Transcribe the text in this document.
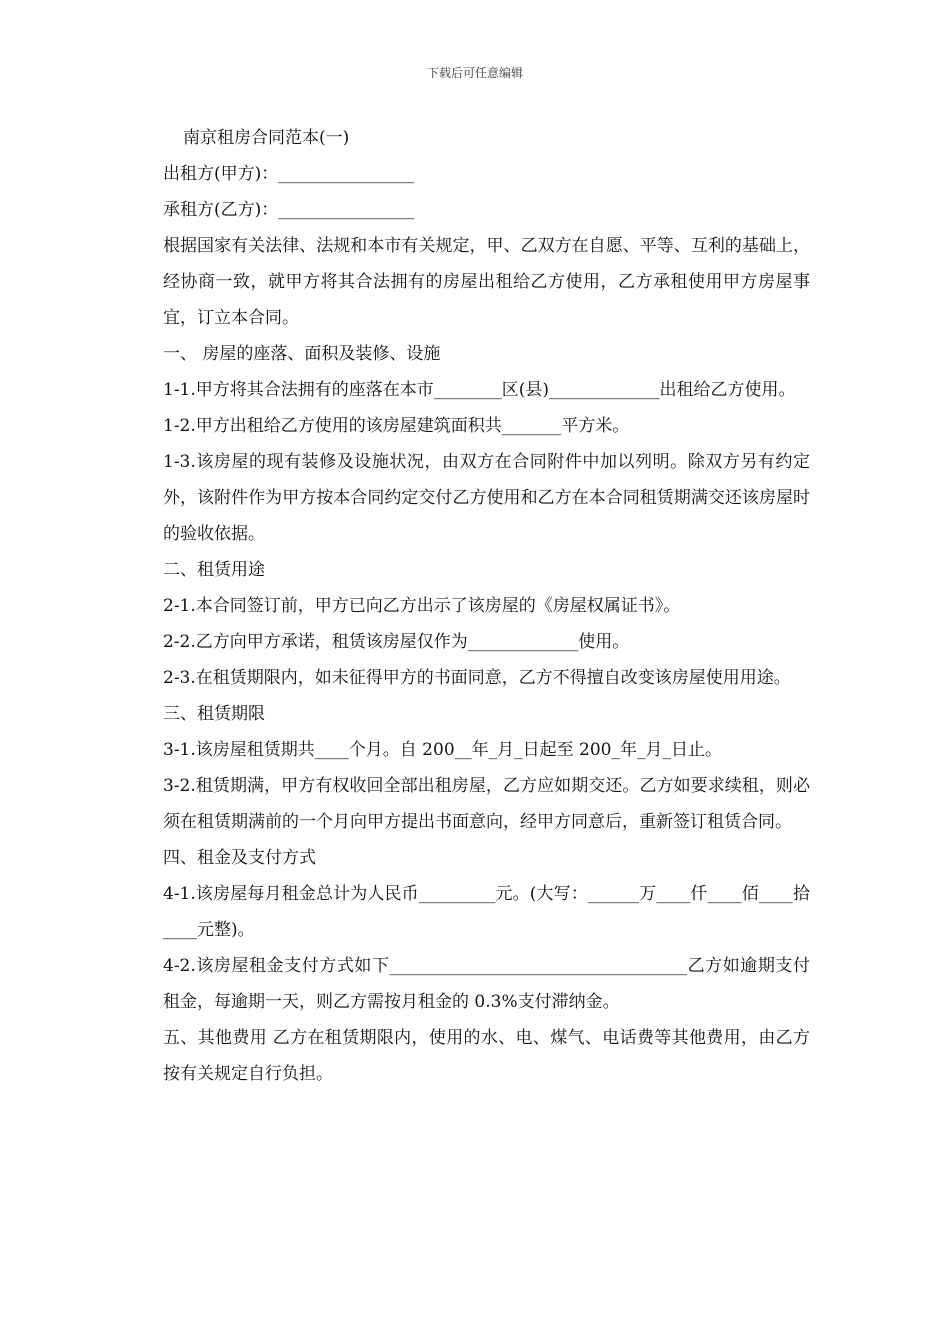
下载后可任意编辑
南京租房合同范本(一)
出租方(甲方)：________________
承租方(乙方)：________________
根据国家有关法律、法规和本市有关规定，甲、乙双方在自愿、平等、互利的基础上，经协商一致，就甲方将其合法拥有的房屋出租给乙方使用，乙方承租使用甲方房屋事宜，订立本合同。
一、 房屋的座落、面积及装修、设施
1-1.甲方将其合法拥有的座落在本市________区(县)_____________出租给乙方使用。
1-2.甲方出租给乙方使用的该房屋建筑面积共_______平方米。
1-3.该房屋的现有装修及设施状况，由双方在合同附件中加以列明。除双方另有约定外，该附件作为甲方按本合同约定交付乙方使用和乙方在本合同租赁期满交还该房屋时的验收依据。
二、租赁用途
2-1.本合同签订前，甲方已向乙方出示了该房屋的《房屋权属证书》。
2-2.乙方向甲方承诺，租赁该房屋仅作为_____________使用。
2-3.在租赁期限内，如未征得甲方的书面同意，乙方不得擅自改变该房屋使用用途。
三、租赁期限
3-1.该房屋租赁期共____个月。自 200__年_月_日起至 200_年_月_日止。
3-2.租赁期满，甲方有权收回全部出租房屋，乙方应如期交还。乙方如要求续租，则必须在租赁期满前的一个月向甲方提出书面意向，经甲方同意后，重新签订租赁合同。
四、租金及支付方式
4-1.该房屋每月租金总计为人民币_________元。(大写：______万____仟____佰____拾____元整)。
4-2.该房屋租金支付方式如下___________________________________乙方如逾期支付租金，每逾期一天，则乙方需按月租金的 0.3%支付滞纳金。
五、其他费用 乙方在租赁期限内，使用的水、电、煤气、电话费等其他费用，由乙方按有关规定自行负担。
